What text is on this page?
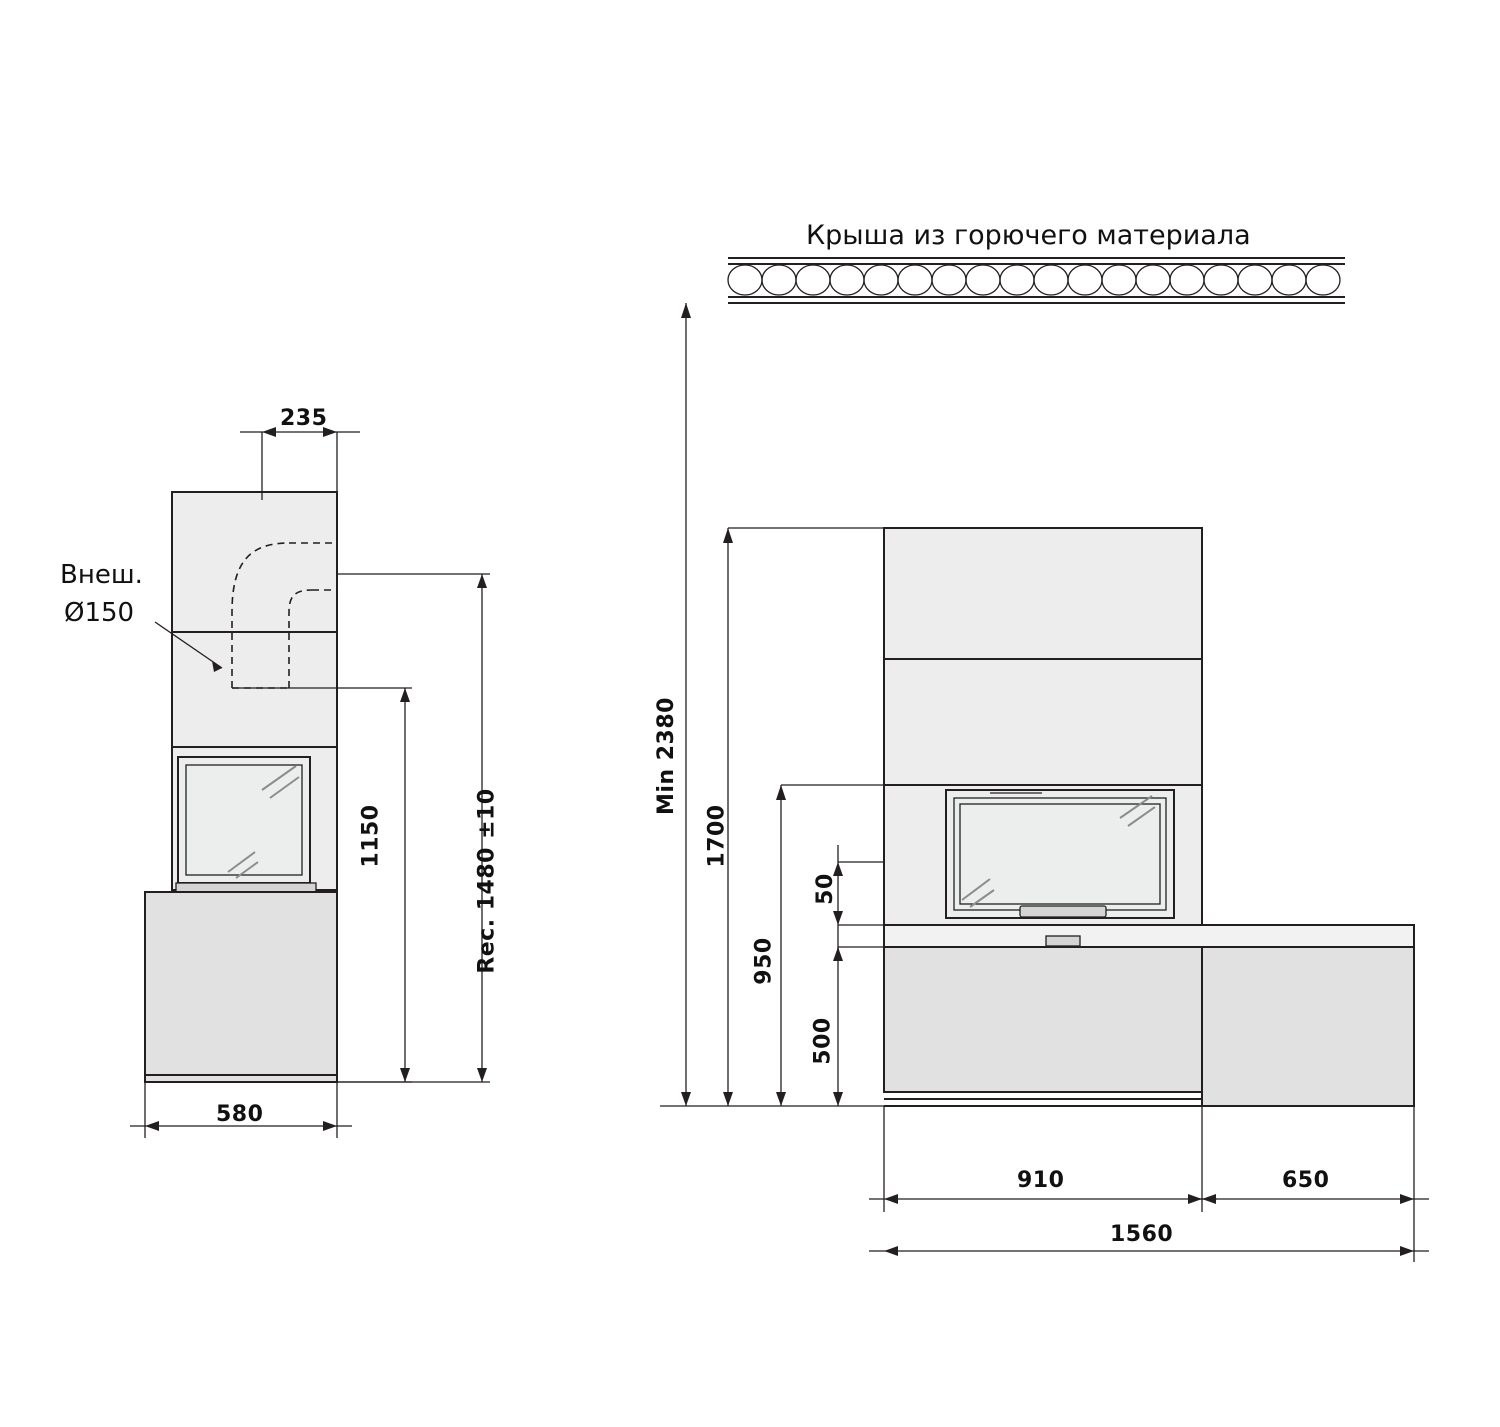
Крыша из горючего материала
Внеш.
Ø150
235
1150	Rec. 1480 ±10
580
Min 2380
1700
50
950
500
910	650
1560
